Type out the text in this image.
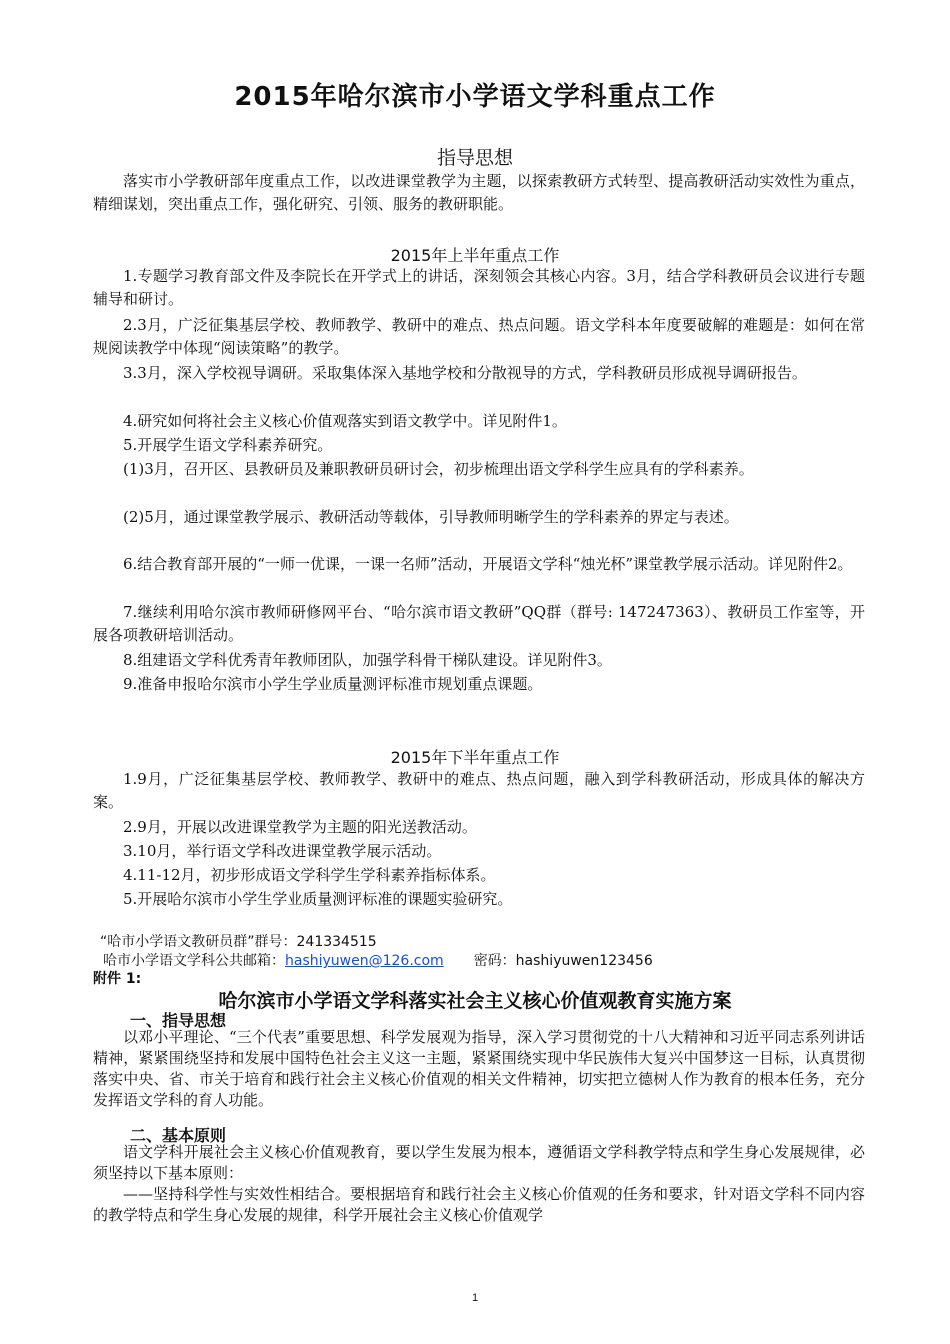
2015年哈尔滨市小学语文学科重点工作
指导思想

落实市小学教研部年度重点工作，以改进课堂教学为主题，以探索教研方式转型、提高教研活动实效性为重点，精细谋划，突出重点工作，强化研究、引领、服务的教研职能。

2015年上半年重点工作

1.专题学习教育部文件及李院长在开学式上的讲话，深刻领会其核心内容。3月，结合学科教研员会议进行专题辅导和研讨。

2.3月，广泛征集基层学校、教师教学、教研中的难点、热点问题。语文学科本年度要破解的难题是：如何在常规阅读教学中体现“阅读策略”的教学。

3.3月，深入学校视导调研。采取集体深入基地学校和分散视导的方式，学科教研员形成视导调研报告。

4.研究如何将社会主义核心价值观落实到语文教学中。详见附件1。

5.开展学生语文学科素养研究。

(1)3月，召开区、县教研员及兼职教研员研讨会，初步梳理出语文学科学生应具有的学科素养。

(2)5月，通过课堂教学展示、教研活动等载体，引导教师明晰学生的学科素养的界定与表述。

6.结合教育部开展的“一师一优课，一课一名师”活动，开展语文学科“烛光杯”课堂教学展示活动。详见附件2。

7.继续利用哈尔滨市教师研修网平台、“哈尔滨市语文教研”QQ群（群号: 147247363）、教研员工作室等，开展各项教研培训活动。

8.组建语文学科优秀青年教师团队，加强学科骨干梯队建设。详见附件3。

9.准备申报哈尔滨市小学生学业质量测评标准市规划重点课题。

2015年下半年重点工作

1.9月，广泛征集基层学校、教师教学、教研中的难点、热点问题，融入到学科教研活动，形成具体的解决方案。

2.9月，开展以改进课堂教学为主题的阳光送教活动。

3.10月，举行语文学科改进课堂教学展示活动。

4.11-12月，初步形成语文学科学生学科素养指标体系。

5.开展哈尔滨市小学生学业质量测评标准的课题实验研究。

“哈市小学语文教研员群”群号：241334515
哈市小学语文学科公共邮箱：hashiyuwen@126.com 密码：hashiyuwen123456
附件 1:
哈尔滨市小学语文学科落实社会主义核心价值观教育实施方案
一、指导思想

以邓小平理论、“三个代表”重要思想、科学发展观为指导，深入学习贯彻党的十八大精神和习近平同志系列讲话精神，紧紧围绕坚持和发展中国特色社会主义这一主题，紧紧围绕实现中华民族伟大复兴中国梦这一目标，认真贯彻落实中央、省、市关于培育和践行社会主义核心价值观的相关文件精神，切实把立德树人作为教育的根本任务，充分发挥语文学科的育人功能。

二、基本原则

语文学科开展社会主义核心价值观教育，要以学生发展为根本，遵循语文学科教学特点和学生身心发展规律，必须坚持以下基本原则：

——坚持科学性与实效性相结合。要根据培育和践行社会主义核心价值观的任务和要求，针对语文学科不同内容的教学特点和学生身心发展的规律，科学开展社会主义核心价值观学

1
